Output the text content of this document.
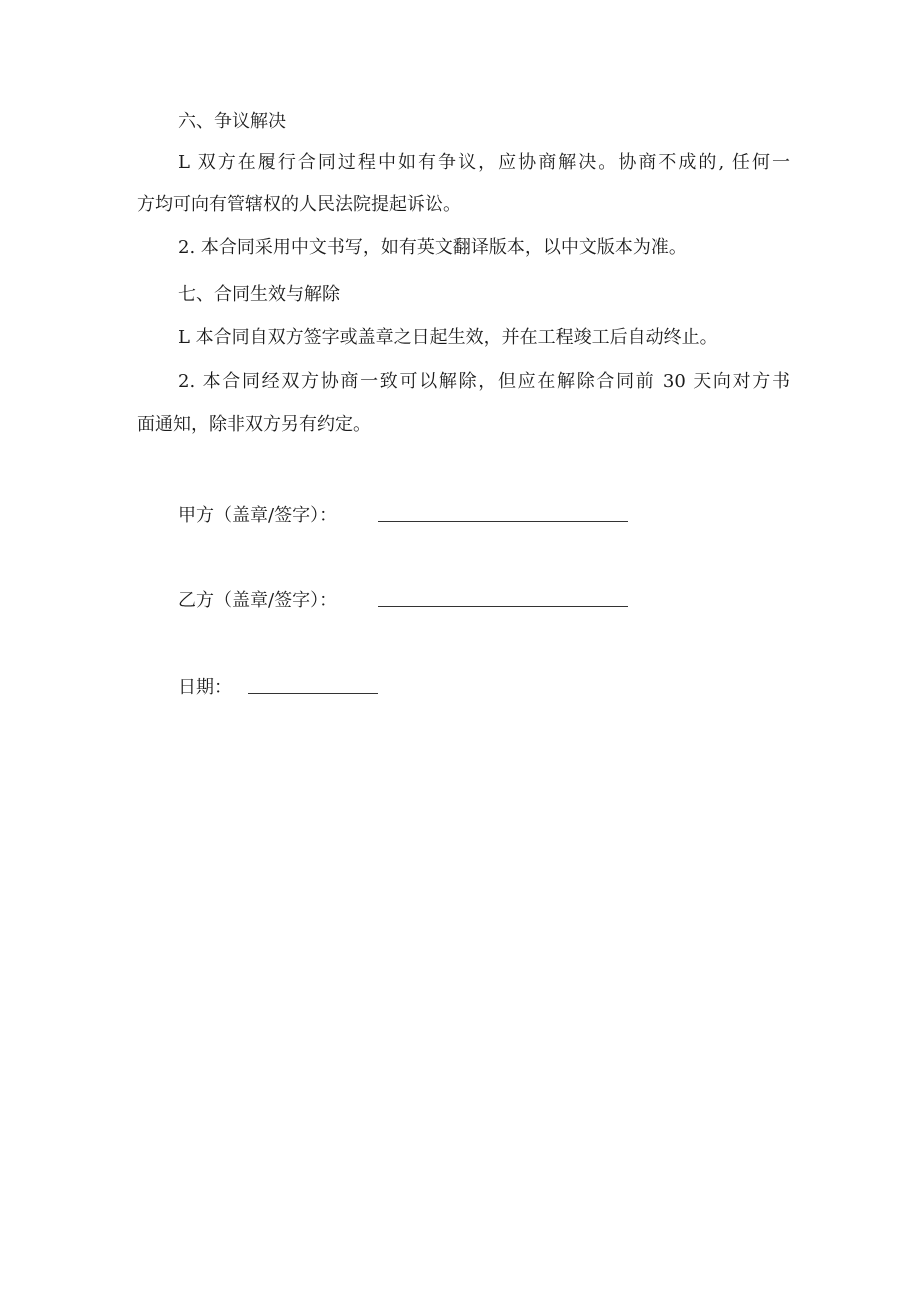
六、争议解决
L 双方在履行合同过程中如有争议，应协商解决。协商不成的, 任何一
方均可向有管辖权的人民法院提起诉讼。
2. 本合同采用中文书写，如有英文翻译版本，以中文版本为准。
七、合同生效与解除
L 本合同自双方签字或盖章之日起生效，并在工程竣工后自动终止。
2. 本合同经双方协商一致可以解除，但应在解除合同前 30 天向对方书
面通知，除非双方另有约定。
甲方（盖章/签字）：
乙方（盖章/签字）：
日期：
